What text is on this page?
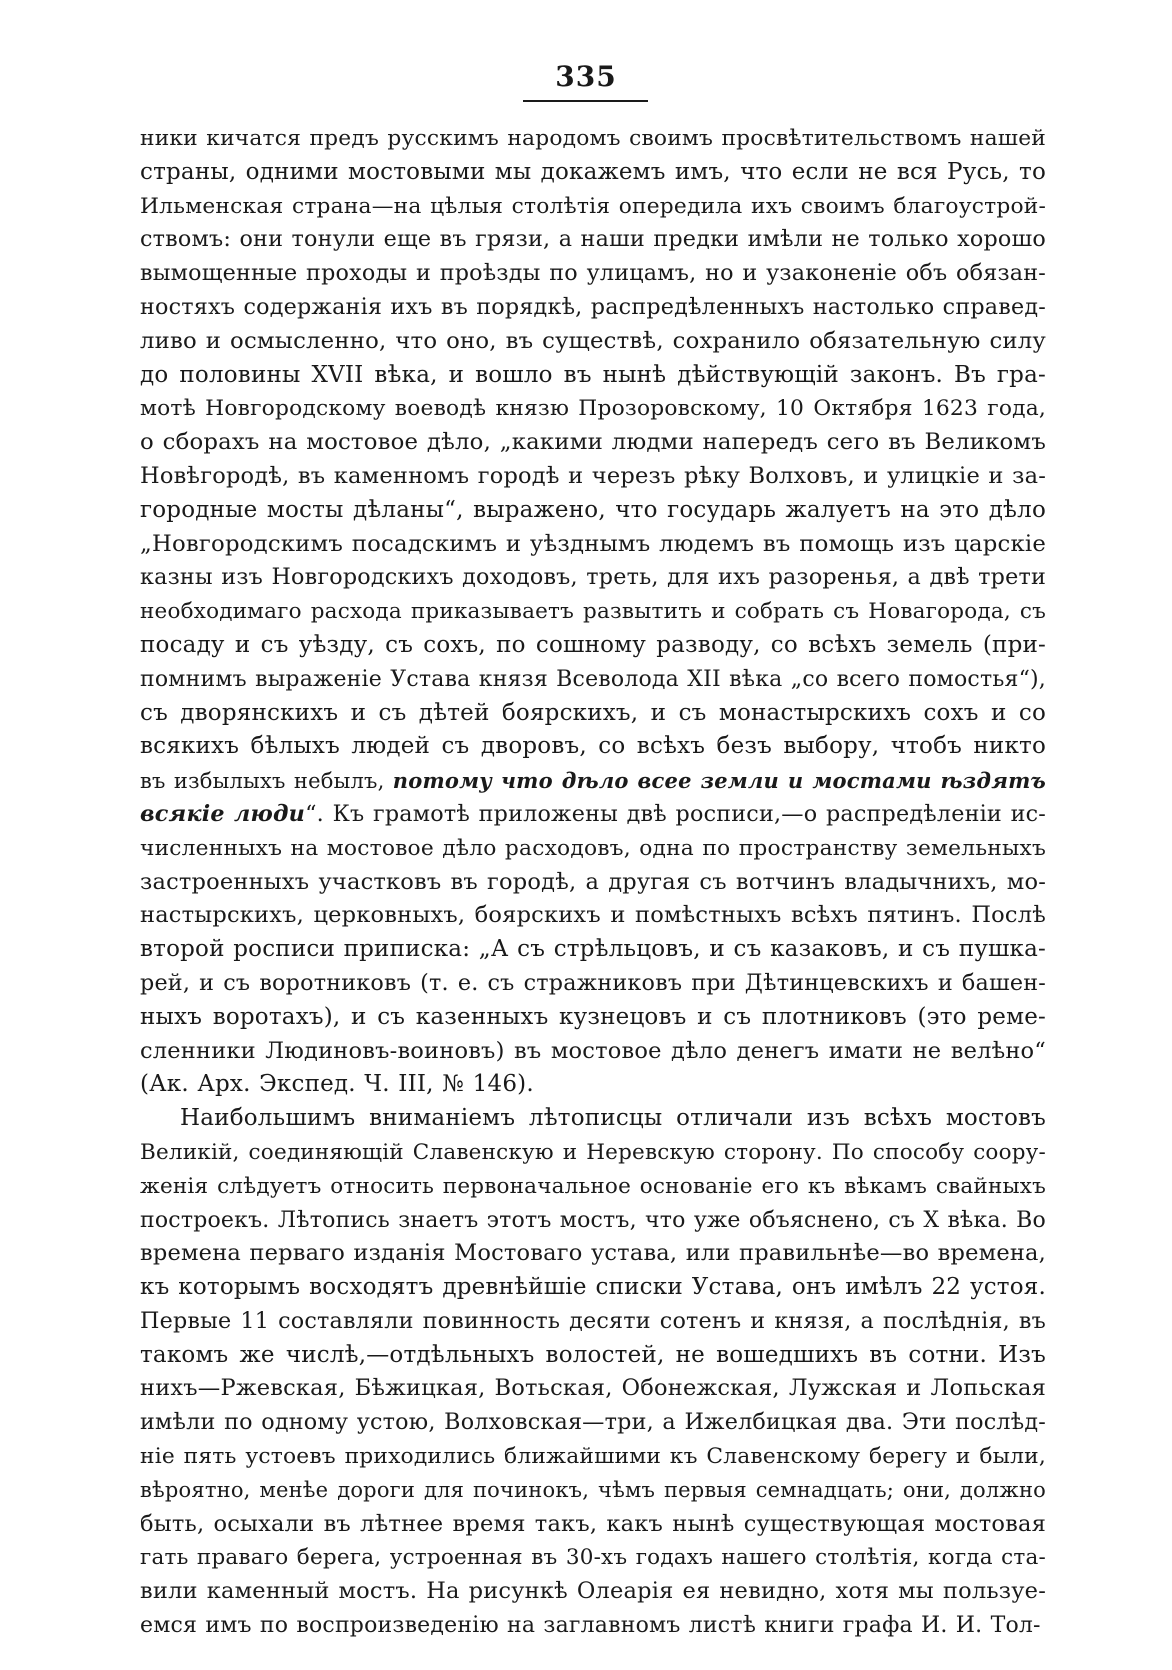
335
ники кичатся предъ русскимъ народомъ своимъ просвѣтительствомъ нашей
страны, одними мостовыми мы докажемъ имъ, что если не вся Русь, то
Ильменская страна—на цѣлыя столѣтія опередила ихъ своимъ благоустрой-
ствомъ: они тонули еще въ грязи, а наши предки имѣли не только хорошо
вымощенные проходы и проѣзды по улицамъ, но и узаконеніе объ обязан-
ностяхъ содержанія ихъ въ порядкѣ, распредѣленныхъ настолько справед-
ливо и осмысленно, что оно, въ существѣ, сохранило обязательную силу
до половины XVII вѣка, и вошло въ нынѣ дѣйствующій законъ. Въ гра-
мотѣ Новгородскому воеводѣ князю Прозоровскому, 10 Октября 1623 года,
о сборахъ на мостовое дѣло, „какими людми напередъ сего въ Великомъ
Новѣгородѣ, въ каменномъ городѣ и черезъ рѣку Волховъ, и улицкіе и за-
городные мосты дѣланы“, выражено, что государь жалуетъ на это дѣло
„Новгородскимъ посадскимъ и уѣзднымъ людемъ въ помощь изъ царскіе
казны изъ Новгородскихъ доходовъ, треть, для ихъ разоренья, а двѣ трети
необходимаго расхода приказываетъ развытить и собрать съ Новагорода, съ
посаду и съ уѣзду, съ сохъ, по сошному разводу, со всѣхъ земель (при-
помнимъ выраженіе Устава князя Всеволода XII вѣка „со всего помостья“),
съ дворянскихъ и съ дѣтей боярскихъ, и съ монастырскихъ сохъ и со
всякихъ бѣлыхъ людей съ дворовъ, со всѣхъ безъ выбору, чтобъ никто
въ избылыхъ небылъ, потому что дѣло всее земли и мостами ѣздятъ
всякіе люди“. Къ грамотѣ приложены двѣ росписи,—о распредѣленіи ис-
численныхъ на мостовое дѣло расходовъ, одна по пространству земельныхъ
застроенныхъ участковъ въ городѣ, а другая съ вотчинъ владычнихъ, мо-
настырскихъ, церковныхъ, боярскихъ и помѣстныхъ всѣхъ пятинъ. Послѣ
второй росписи приписка: „А съ стрѣльцовъ, и съ казаковъ, и съ пушка-
рей, и съ воротниковъ (т. е. съ стражниковъ при Дѣтинцевскихъ и башен-
ныхъ воротахъ), и съ казенныхъ кузнецовъ и съ плотниковъ (это реме-
сленники Людиновъ-воиновъ) въ мостовое дѣло денегъ имати не велѣно“
(Ак. Арх. Экспед. Ч. III, № 146).
Наибольшимъ вниманіемъ лѣтописцы отличали изъ всѣхъ мостовъ
Великій, соединяющій Славенскую и Неревскую сторону. По способу соору-
женія слѣдуетъ относить первоначальное основаніе его къ вѣкамъ свайныхъ
построекъ. Лѣтопись знаетъ этотъ мостъ, что уже объяснено, съ X вѣка. Во
времена перваго изданія Мостоваго устава, или правильнѣе—во времена,
къ которымъ восходятъ древнѣйшіе списки Устава, онъ имѣлъ 22 устоя.
Первые 11 составляли повинность десяти сотенъ и князя, а послѣднія, въ
такомъ же числѣ,—отдѣльныхъ волостей, не вошедшихъ въ сотни. Изъ
нихъ—Ржевская, Бѣжицкая, Вотьская, Обонежская, Лужская и Лопьская
имѣли по одному устою, Волховская—три, а Ижелбицкая два. Эти послѣд-
ніе пять устоевъ приходились ближайшими къ Славенскому берегу и были,
вѣроятно, менѣе дороги для починокъ, чѣмъ первыя семнадцать; они, должно
быть, осыхали въ лѣтнее время такъ, какъ нынѣ существующая мостовая
гать праваго берега, устроенная въ 30-хъ годахъ нашего столѣтія, когда ста-
вили каменный мостъ. На рисункѣ Олеарія ея невидно, хотя мы пользуе-
емся имъ по воспроизведенію на заглавномъ листѣ книги графа И. И. Тол-
